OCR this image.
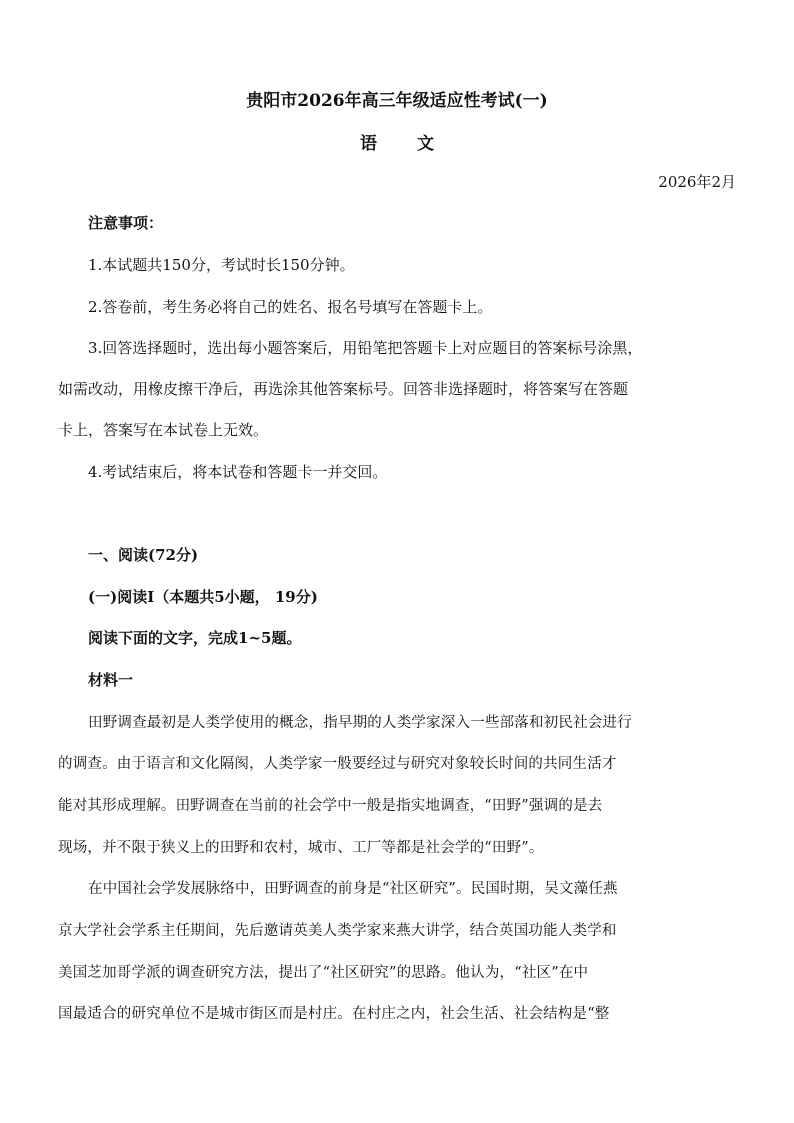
贵阳市2026年高三年级适应性考试(一)
语 文
2026年2月
注意事项：
1.本试题共150分，考试时长150分钟。
2.答卷前，考生务必将自己的姓名、报名号填写在答题卡上。
3.回答选择题时，选出每小题答案后，用铅笔把答题卡上对应题目的答案标号涂黑，
如需改动，用橡皮擦干净后，再选涂其他答案标号。回答非选择题时，将答案写在答题
卡上，答案写在本试卷上无效。
4.考试结束后，将本试卷和答题卡一并交回。
一、阅读(72分)
(一)阅读Ⅰ（本题共5小题， 19分)
阅读下面的文字，完成1~5题。
材料一
田野调查最初是人类学使用的概念，指早期的人类学家深入一些部落和初民社会进行
的调查。由于语言和文化隔阂，人类学家一般要经过与研究对象较长时间的共同生活才
能对其形成理解。田野调查在当前的社会学中一般是指实地调查，“田野”强调的是去
现场，并不限于狭义上的田野和农村，城市、工厂等都是社会学的“田野”。
在中国社会学发展脉络中，田野调查的前身是“社区研究”。民国时期，吴文藻任燕
京大学社会学系主任期间，先后邀请英美人类学家来燕大讲学，结合英国功能人类学和
美国芝加哥学派的调查研究方法，提出了“社区研究”的思路。他认为，“社区”在中
国最适合的研究单位不是城市街区而是村庄。在村庄之内，社会生活、社会结构是“整
